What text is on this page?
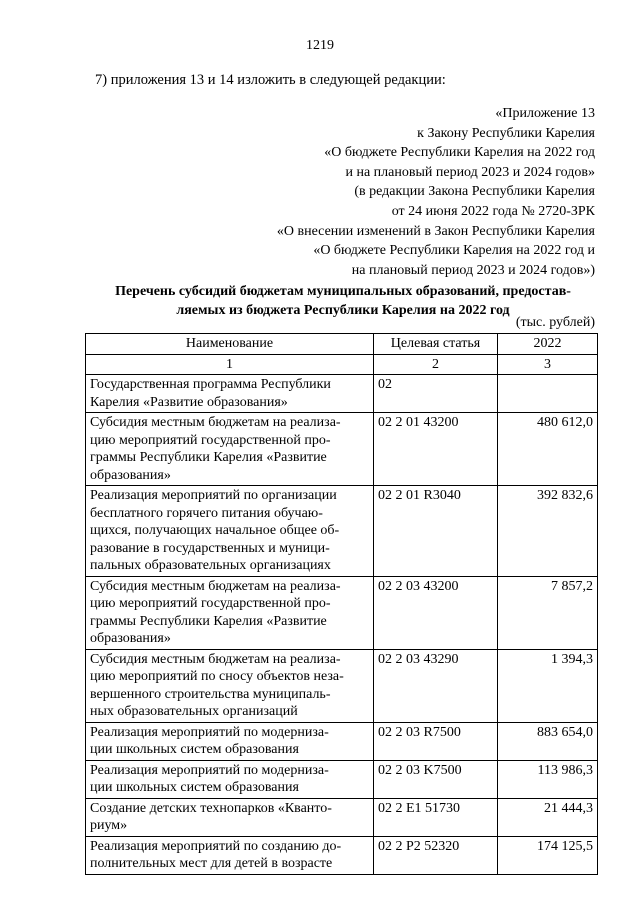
1219
7) приложения 13 и 14 изложить в следующей редакции:
«Приложение 13
к Закону Республики Карелия
«О бюджете Республики Карелия на 2022 год
и на плановый период 2023 и 2024 годов»
(в редакции Закона Республики Карелия
от 24 июня 2022 года № 2720-ЗРК
«О внесении изменений в Закон Республики Карелия
«О бюджете Республики Карелия на 2022 год и
на плановый период 2023 и 2024 годов»)
Перечень субсидий бюджетам муниципальных образований, предостав-
ляемых из бюджета Республики Карелия на 2022 год
(тыс. рублей)
Наименование	Целевая статья	2022
1	2	3

Государственная программа Республики
Карелия «Развитие образования»	02	

Субсидия местным бюджетам на реализа-
цию мероприятий государственной про-
граммы Республики Карелия «Развитие
образования»	02 2 01 43200	480 612,0

Реализация мероприятий по организации
бесплатного горячего питания обучаю-
щихся, получающих начальное общее об-
разование в государственных и муници-
пальных образовательных организациях	02 2 01 R3040	392 832,6

Субсидия местным бюджетам на реализа-
цию мероприятий государственной про-
граммы Республики Карелия «Развитие
образования»	02 2 03 43200	7 857,2

Субсидия местным бюджетам на реализа-
цию мероприятий по сносу объектов неза-
вершенного строительства муниципаль-
ных образовательных организаций	02 2 03 43290	1 394,3

Реализация мероприятий по модерниза-
ции школьных систем образования	02 2 03 R7500	883 654,0

Реализация мероприятий по модерниза-
ции школьных систем образования	02 2 03 K7500	113 986,3

Создание детских технопарков «Кванто-
риум»	02 2 E1 51730	21 444,3

Реализация мероприятий по созданию до-
полнительных мест для детей в возрасте	02 2 P2 52320	174 125,5
